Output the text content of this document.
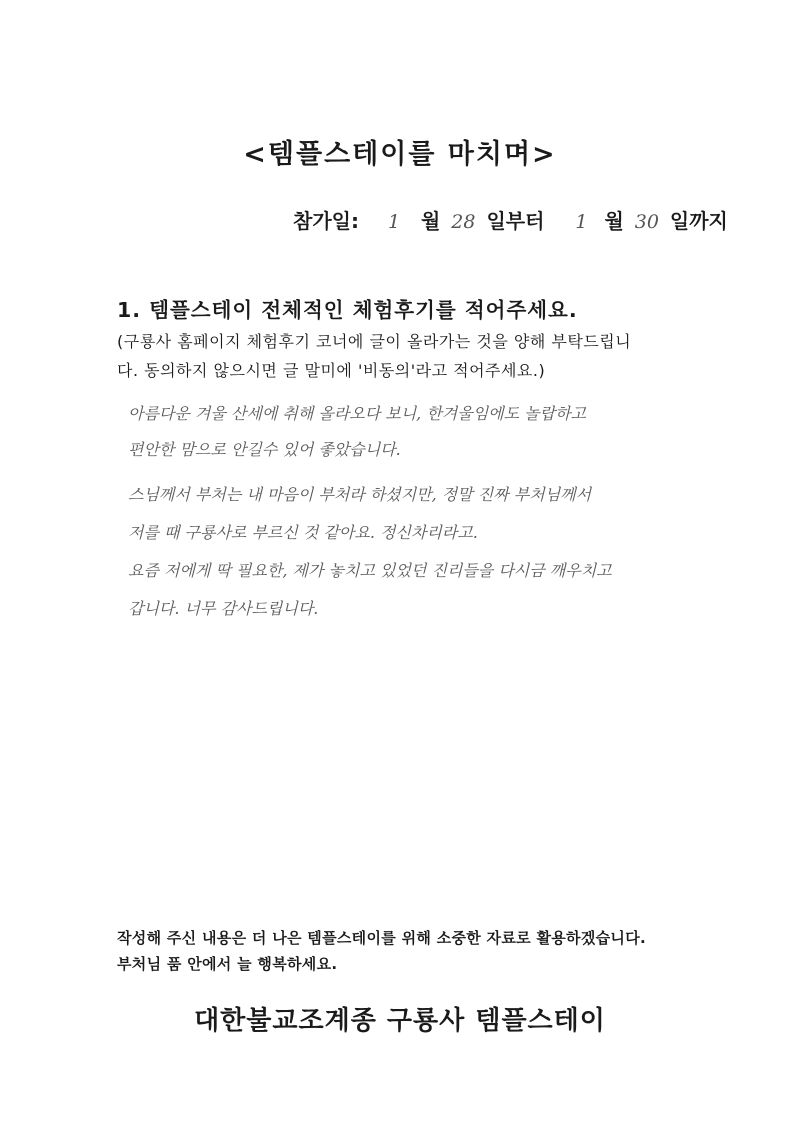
<템플스테이를 마치며>
참가일: 1 월 28 일부터 1 월 30 일까지
1. 템플스테이 전체적인 체험후기를 적어주세요.
(구룡사 홈페이지 체험후기 코너에 글이 올라가는 것을 양해 부탁드립니
다. 동의하지 않으시면 글 말미에 '비동의'라고 적어주세요.)

아름다운 겨울 산세에 취해 올라오다 보니, 한겨울임에도 놀랍하고

편안한 맘으로 안길수 있어 좋았습니다.

스님께서 부처는 내 마음이 부처라 하셨지만, 정말 진짜 부처님께서

저를 때 구룡사로 부르신 것 같아요. 정신차리라고.

요즘 저에게 딱 필요한, 제가 놓치고 있었던 진리들을 다시금 깨우치고

갑니다. 너무 감사드립니다.

작성해 주신 내용은 더 나은 템플스테이를 위해 소중한 자료로 활용하겠습니다.

부처님 품 안에서 늘 행복하세요.

대한불교조계종 구룡사 템플스테이
